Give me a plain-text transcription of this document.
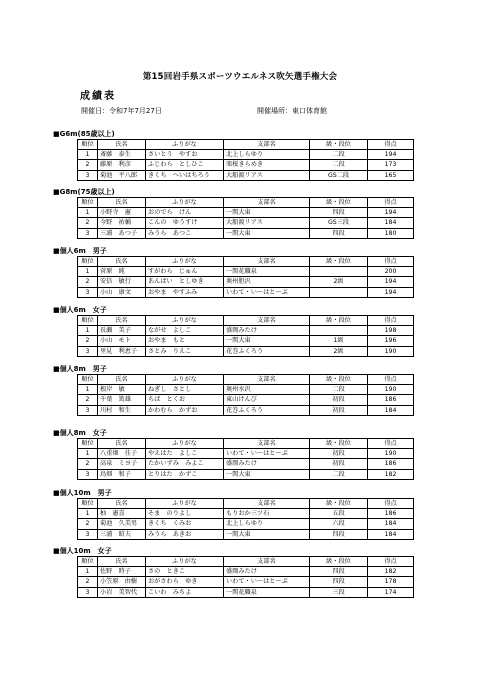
第15回岩手県スポーツウエルネス吹矢選手権大会
成績表
開催日：令和7年7月27日	開催場所：東口体育館
■G6m(85歳以上)
順位	氏名	ふりがな	支部名	級・段位	得点
1	斎藤　泰生	さいとう　やすお	北上しらゆり	二段	194
2	藤原　利彦	ふじわら　としひこ	楽桜きらめき	二段	173
3	菊池　平八郎	きくち　へいはちろう	大船渡リアス	GS二段	165
■G8m(75歳以上)
順位	氏名	ふりがな	支部名	級・段位	得点
1	小野寺　憲	おのでら　けん	一関大東	四段	194
2	今野　祐輔	こんの　ゆうすけ	大船渡リアス	GS三段	184
3	三浦　あつ子	みうら　あつこ	一関大東	四段	180
■個人6m　男子
順位	氏名	ふりがな	支部名	級・段位	得点
1	菅原　純	すがわら　じゅん	一関花職泉		200
2	安倍　敏行	あんばい　としゆき	奥州胆沢	2級	194
3	小山　康文	おやま　やすふみ	いわて・い～はと～ぶ		194
■個人6m　女子
順位	氏名	ふりがな	支部名	級・段位	得点
1	長瀬　美子	ながせ　よしこ	盛岡みたけ		198
2	小山　モト	おやま　もと	一関大東	1級	196
3	里見　利恵子	さとみ　りえこ	花巻ふくろう	2級	190
■個人8m　男子
順位	氏名	ふりがな	支部名	級・段位	得点
1	根岸　敏	ねぎし　さとし	奥州水沢	二段	190
2	千葉　篤雄	ちば　とくお	東山けんび	初段	186
3	川村　和生	かわむら　かずお	花巻ふくろう	初段	184
■個人8m　女子
順位	氏名	ふりがな	支部名	級・段位	得点
1	八重畑　佳子	やえはた　よしこ	いわて・い～はと～ぶ	初段	190
2	高泉　ミヨ子	たかいずみ　みよこ	盛岡みたけ	初段	186
3	鳥畑　和子	とりはた　かずこ	一関大東	二段	182
■個人10m　男子
順位	氏名	ふりがな	支部名	級・段位	得点
1	杣　憲喜	そま　のりよし	もりおか三ツ石	五段	186
2	菊池　久美男	きくち　くみお	北上しらゆり	六段	184
3	三浦　昭夫	みうら　あきお	一関大東	四段	184
■個人10m　女子
順位	氏名	ふりがな	支部名	級・段位	得点
1	佐野　時子	さの　ときこ	盛岡みたけ	四段	182
2	小笠原　由樹	おがさわら　ゆき	いわて・い～はと～ぶ	四段	178
3	小岩　美智代	こいわ　みちよ	一関花職泉	三段	174
